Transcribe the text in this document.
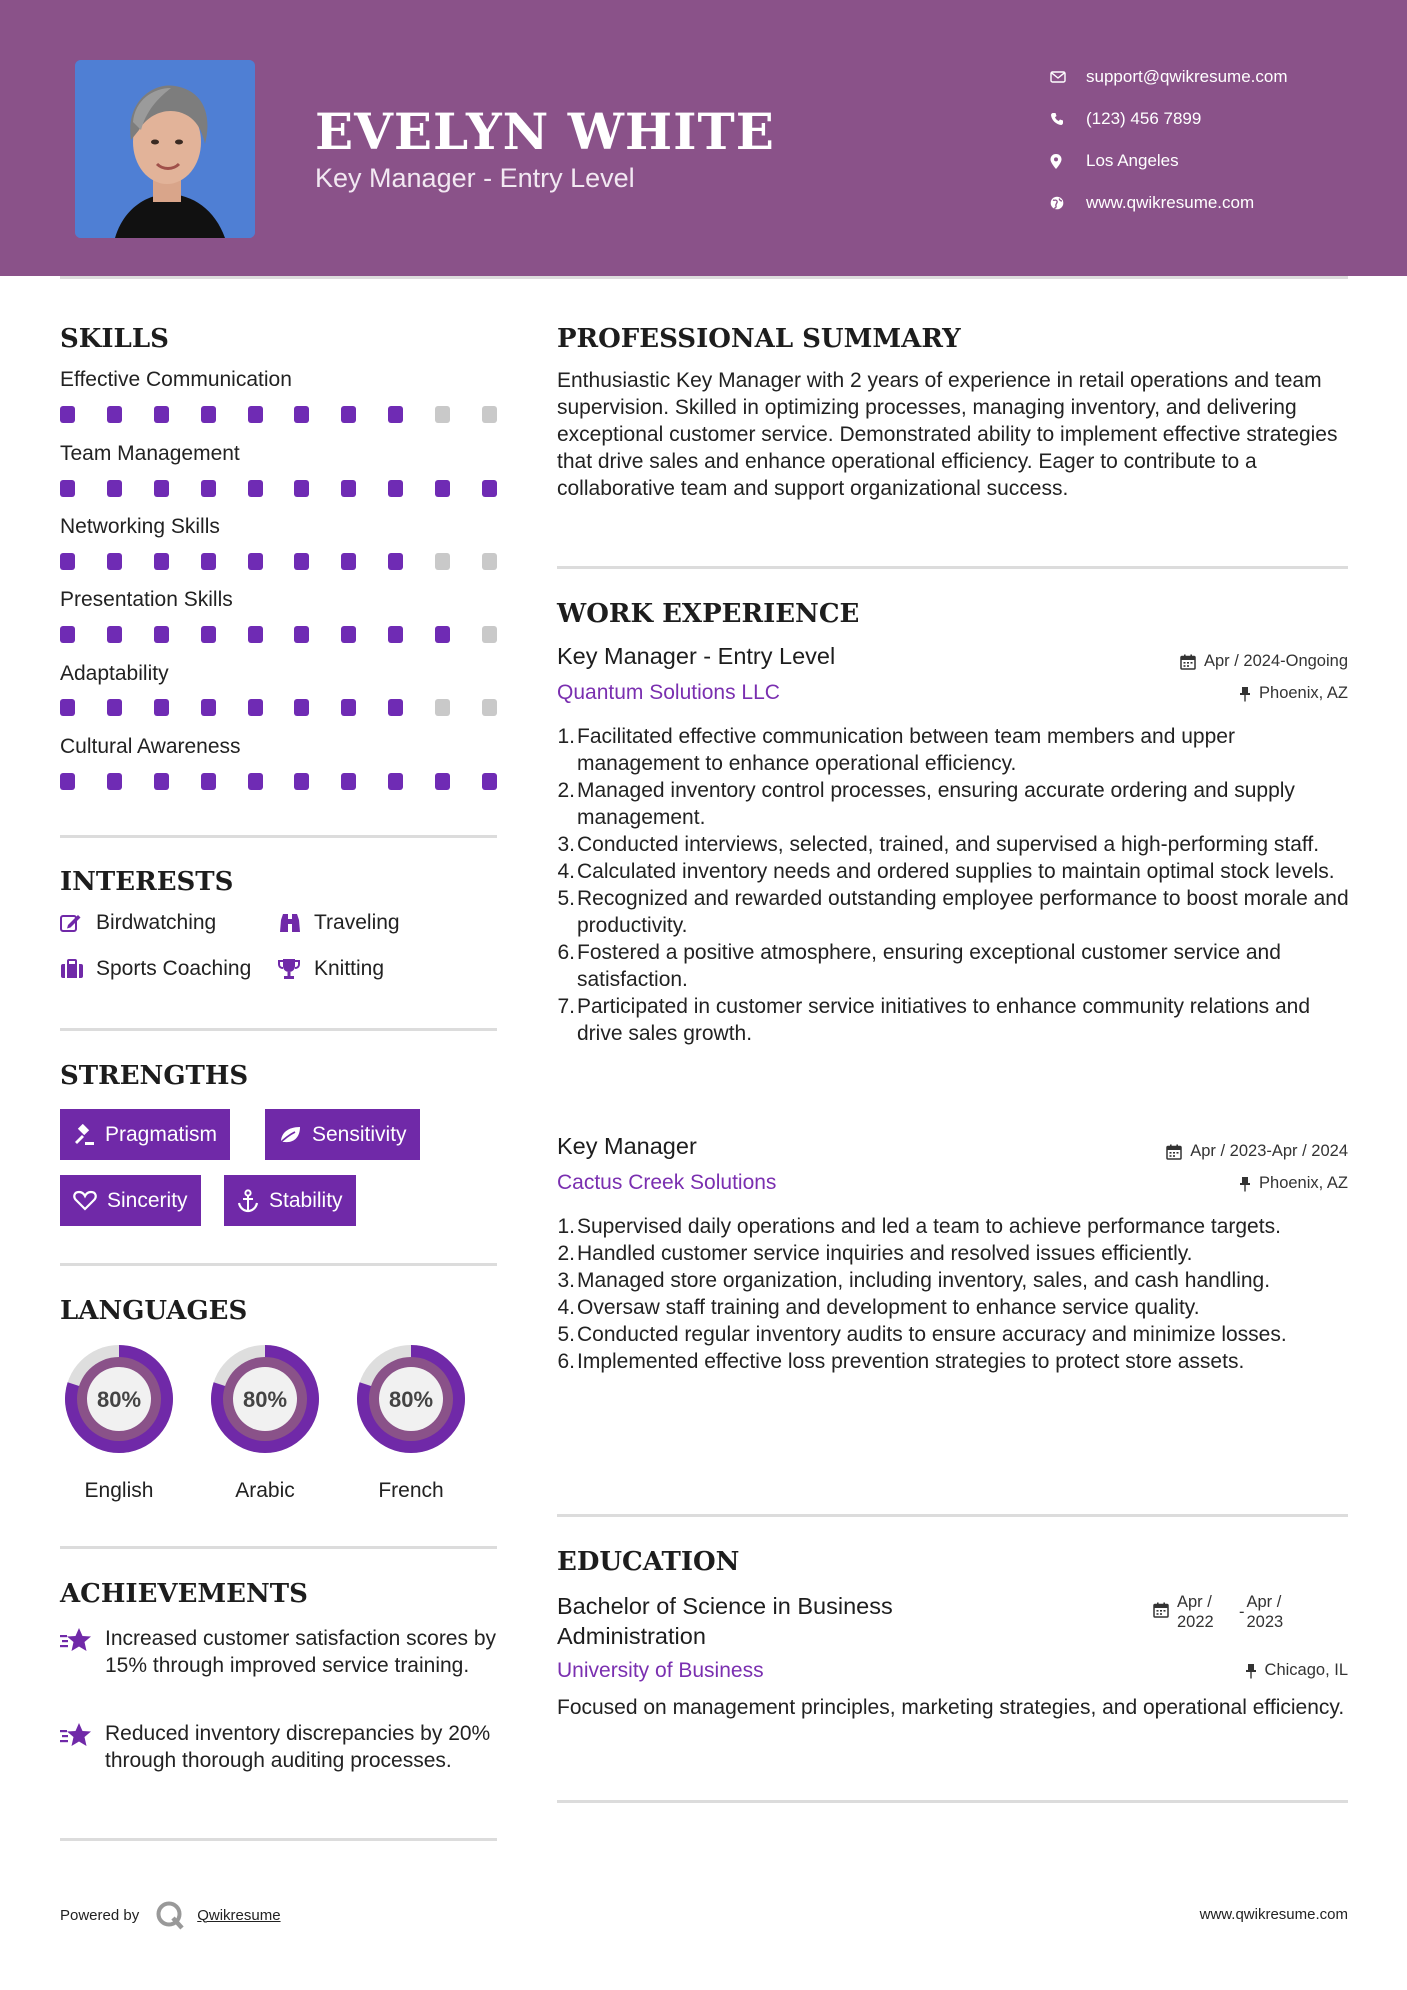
EVELYN WHITE
Key Manager - Entry Level
support@qwikresume.com
(123) 456 7899
Los Angeles
www.qwikresume.com
SKILLS
Effective Communication
Team Management
Networking Skills
Presentation Skills
Adaptability
Cultural Awareness
INTERESTS
Birdwatching	Traveling
Sports Coaching	Knitting
STRENGTHS
Pragmatism	Sensitivity
Sincerity	Stability
LANGUAGES
80%
English
80%
Arabic
80%
French
ACHIEVEMENTS
Increased customer satisfaction scores by 15% through improved service training.
Reduced inventory discrepancies by 20% through thorough auditing processes.
PROFESSIONAL SUMMARY
Enthusiastic Key Manager with 2 years of experience in retail operations and team supervision. Skilled in optimizing processes, managing inventory, and delivering exceptional customer service. Demonstrated ability to implement effective strategies that drive sales and enhance operational efficiency. Eager to contribute to a collaborative team and support organizational success.
WORK EXPERIENCE
Key Manager - Entry Level	Apr / 2024-Ongoing
Quantum Solutions LLC	Phoenix, AZ
1. Facilitated effective communication between team members and upper management to enhance operational efficiency.
2. Managed inventory control processes, ensuring accurate ordering and supply management.
3. Conducted interviews, selected, trained, and supervised a high-performing staff.
4. Calculated inventory needs and ordered supplies to maintain optimal stock levels.
5. Recognized and rewarded outstanding employee performance to boost morale and productivity.
6. Fostered a positive atmosphere, ensuring exceptional customer service and satisfaction.
7. Participated in customer service initiatives to enhance community relations and drive sales growth.
Key Manager	Apr / 2023-Apr / 2024
Cactus Creek Solutions	Phoenix, AZ
1. Supervised daily operations and led a team to achieve performance targets.
2. Handled customer service inquiries and resolved issues efficiently.
3. Managed store organization, including inventory, sales, and cash handling.
4. Oversaw staff training and development to enhance service quality.
5. Conducted regular inventory audits to ensure accuracy and minimize losses.
6. Implemented effective loss prevention strategies to protect store assets.
EDUCATION
Bachelor of Science in Business Administration
Apr / 2022
-
Apr / 2023
University of Business	Chicago, IL
Focused on management principles, marketing strategies, and operational efficiency.
Powered by	Qwikresume	www.qwikresume.com
